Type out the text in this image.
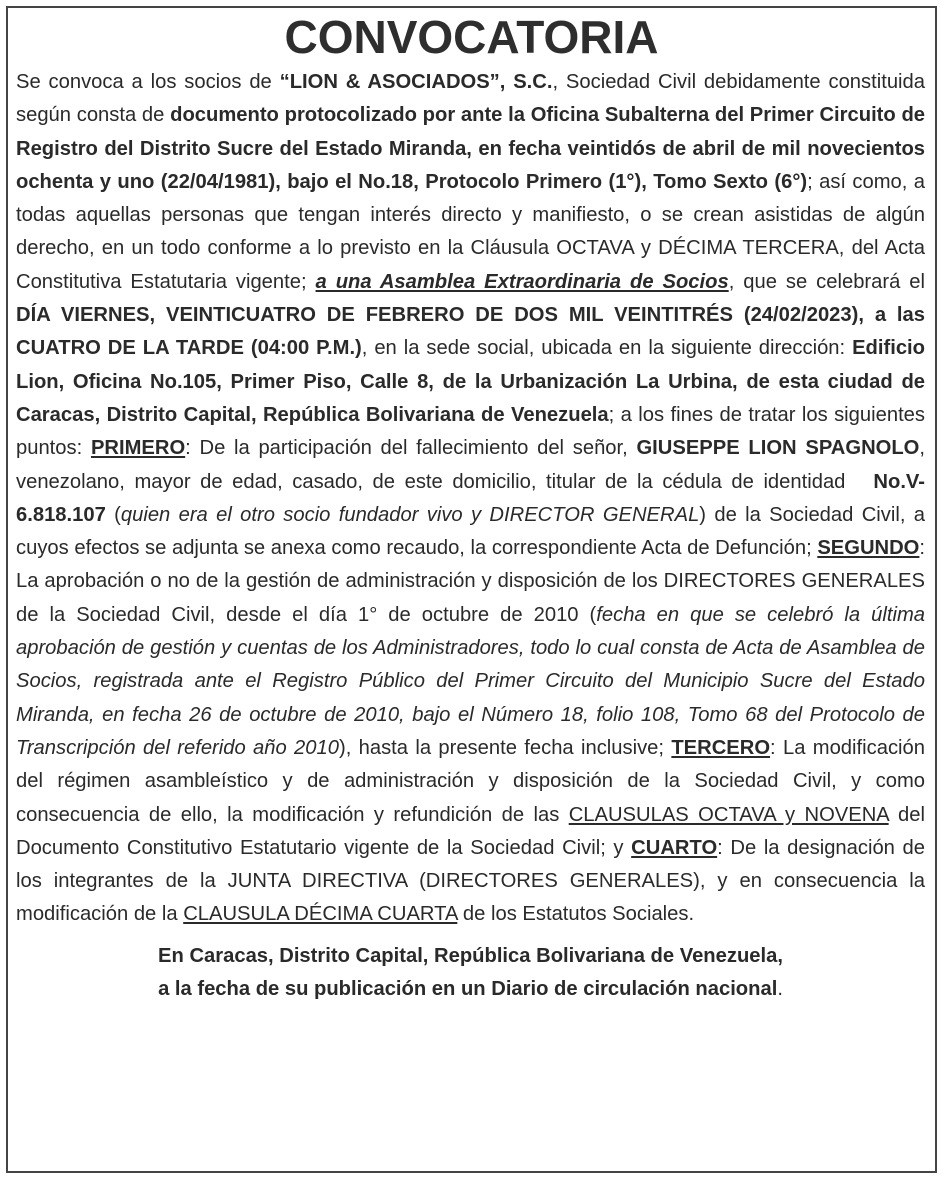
CONVOCATORIA
Se convoca a los socios de “LION & ASOCIADOS”, S.C., Sociedad Civil debidamente constituida según consta de documento protocolizado por ante la Oficina Subalterna del Primer Circuito de Registro del Distrito Sucre del Estado Miranda, en fecha veintidós de abril de mil novecientos ochenta y uno (22/04/1981), bajo el No.18, Protocolo Primero (1°), Tomo Sexto (6°); así como, a todas aquellas personas que tengan interés directo y manifiesto, o se crean asistidas de algún derecho, en un todo conforme a lo previsto en la Cláusula OCTAVA y DÉCIMA TERCERA, del Acta Constitutiva Estatutaria vigente; a una Asamblea Extraordinaria de Socios, que se celebrará el DÍA VIERNES, VEINTICUATRO DE FEBRERO DE DOS MIL VEINTITRÉS (24/02/2023), a las CUATRO DE LA TARDE (04:00 P.M.), en la sede social, ubicada en la siguiente dirección: Edificio Lion, Oficina No.105, Primer Piso, Calle 8, de la Urbanización La Urbina, de esta ciudad de Caracas, Distrito Capital, República Bolivariana de Venezuela; a los fines de tratar los siguientes puntos: PRIMERO: De la participación del fallecimiento del señor, GIUSEPPE LION SPAGNOLO, venezolano, mayor de edad, casado, de este domicilio, titular de la cédula de identidad No.V-6.818.107 (quien era el otro socio fundador vivo y DIRECTOR GENERAL) de la Sociedad Civil, a cuyos efectos se adjunta se anexa como recaudo, la correspondiente Acta de Defunción; SEGUNDO: La aprobación o no de la gestión de administración y disposición de los DIRECTORES GENERALES de la Sociedad Civil, desde el día 1° de octubre de 2010 (fecha en que se celebró la última aprobación de gestión y cuentas de los Administradores, todo lo cual consta de Acta de Asamblea de Socios, registrada ante el Registro Público del Primer Circuito del Municipio Sucre del Estado Miranda, en fecha 26 de octubre de 2010, bajo el Número 18, folio 108, Tomo 68 del Protocolo de Transcripción del referido año 2010), hasta la presente fecha inclusive; TERCERO: La modificación del régimen asambleístico y de administración y disposición de la Sociedad Civil, y como consecuencia de ello, la modificación y refundición de las CLAUSULAS OCTAVA y NOVENA del Documento Constitutivo Estatutario vigente de la Sociedad Civil; y CUARTO: De la designación de los integrantes de la JUNTA DIRECTIVA (DIRECTORES GENERALES), y en consecuencia la modificación de la CLAUSULA DÉCIMA CUARTA de los Estatutos Sociales.
En Caracas, Distrito Capital, República Bolivariana de Venezuela,
a la fecha de su publicación en un Diario de circulación nacional.
